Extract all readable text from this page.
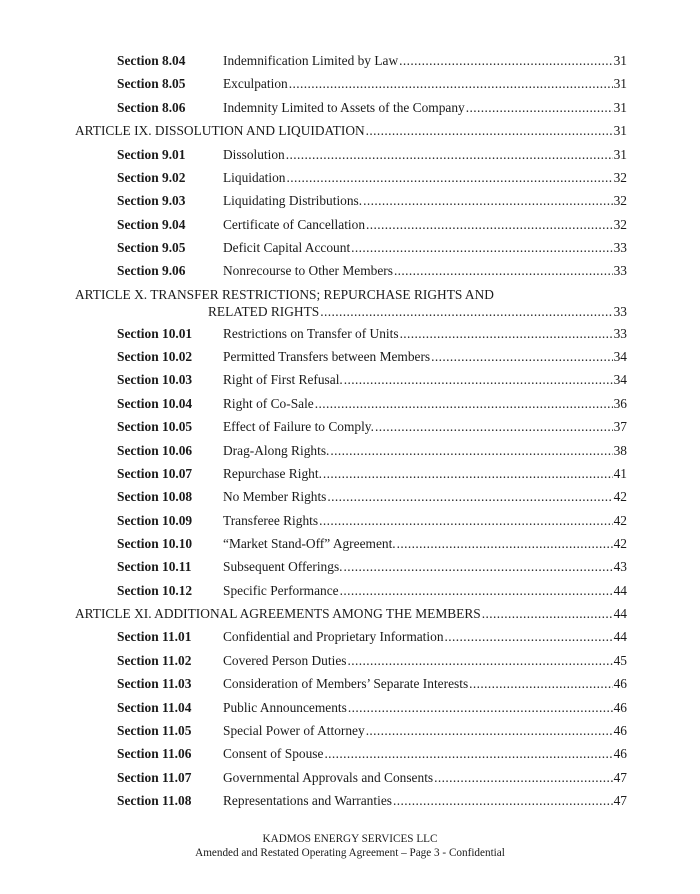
Section 8.04	Indemnification Limited by Law .....	31
Section 8.05	Exculpation .....	31
Section 8.06	Indemnity Limited to Assets of the Company .....	31
ARTICLE IX. DISSOLUTION AND LIQUIDATION .....	31
Section 9.01	Dissolution .....	31
Section 9.02	Liquidation .....	32
Section 9.03	Liquidating Distributions. .....	32
Section 9.04	Certificate of Cancellation .....	32
Section 9.05	Deficit Capital Account .....	33
Section 9.06	Nonrecourse to Other Members .....	33
ARTICLE X. TRANSFER RESTRICTIONS; REPURCHASE RIGHTS AND
RELATED RIGHTS .....	33
Section 10.01 Restrictions on Transfer of Units .....	33
Section 10.02 Permitted Transfers between Members .....	34
Section 10.03 Right of First Refusal. .....	34
Section 10.04 Right of Co-Sale .....	36
Section 10.05 Effect of Failure to Comply. .....	37
Section 10.06 Drag-Along Rights. .....	38
Section 10.07 Repurchase Right. .....	41
Section 10.08 No Member Rights .....	42
Section 10.09 Transferee Rights .....	42
Section 10.10 “Market Stand-Off” Agreement. .....	42
Section 10.11 Subsequent Offerings. .....	43
Section 10.12 Specific Performance .....	44
ARTICLE XI. ADDITIONAL AGREEMENTS AMONG THE MEMBERS .....	44
Section 11.01 Confidential and Proprietary Information .....	44
Section 11.02 Covered Person Duties .....	45
Section 11.03 Consideration of Members’ Separate Interests .....	46
Section 11.04 Public Announcements .....	46
Section 11.05 Special Power of Attorney .....	46
Section 11.06 Consent of Spouse .....	46
Section 11.07 Governmental Approvals and Consents .....	47
Section 11.08 Representations and Warranties .....	47
KADMOS ENERGY SERVICES LLC
Amended and Restated Operating Agreement – Page 3 - Confidential
